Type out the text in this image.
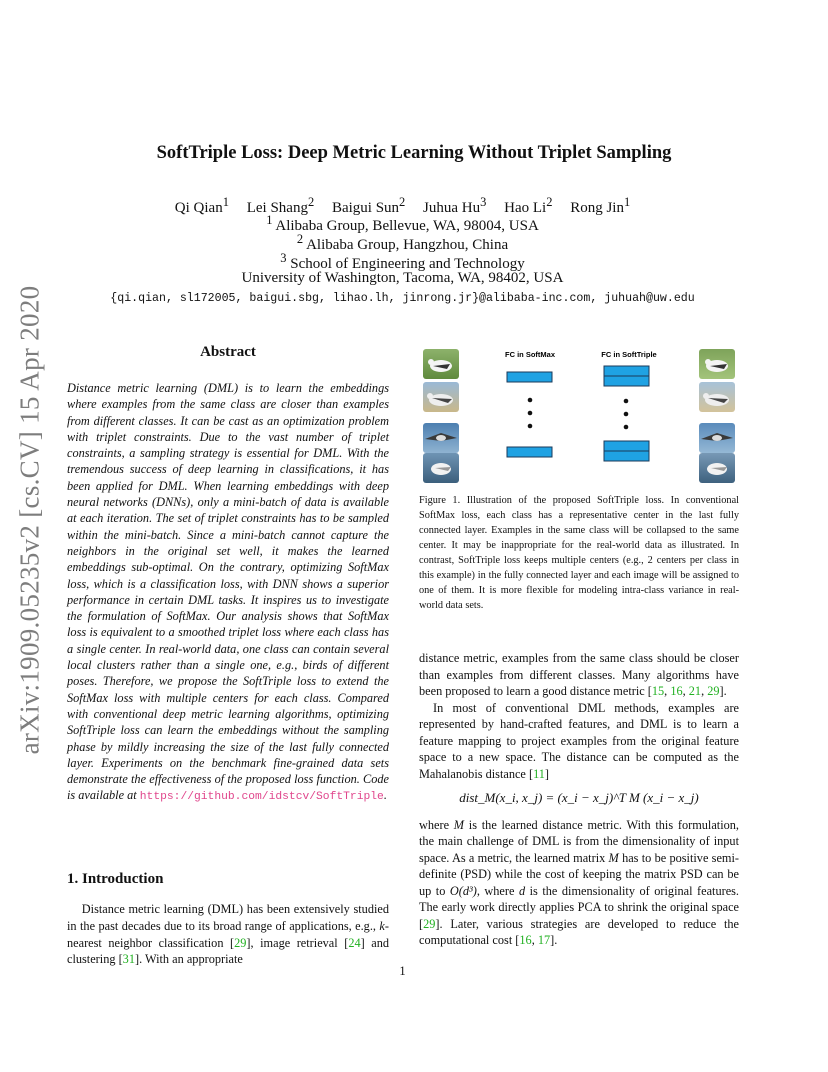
arXiv:1909.05235v2 [cs.CV] 15 Apr 2020
SoftTriple Loss: Deep Metric Learning Without Triplet Sampling
Qi Qian$^1$ Lei Shang$^2$ Baigui Sun$^2$ Juhua Hu$^3$ Hao Li$^2$ Rong Jin$^1$
$^1$ Alibaba Group, Bellevue, WA, 98004, USA
$^2$ Alibaba Group, Hangzhou, China
$^3$ School of Engineering and Technology
University of Washington, Tacoma, WA, 98402, USA
{qi.qian, sl172005, baigui.sbg, lihao.lh, jinrong.jr}@alibaba-inc.com, juhuah@uw.edu
Abstract
Distance metric learning (DML) is to learn the embeddings where examples from the same class are closer than examples from different classes. It can be cast as an optimization problem with triplet constraints. Due to the vast number of triplet constraints, a sampling strategy is essential for DML. With the tremendous success of deep learning in classifications, it has been applied for DML. When learning embeddings with deep neural networks (DNNs), only a mini-batch of data is available at each iteration. The set of triplet constraints has to be sampled within the mini-batch. Since a mini-batch cannot capture the neighbors in the original set well, it makes the learned embeddings sub-optimal. On the contrary, optimizing SoftMax loss, which is a classification loss, with DNN shows a superior performance in certain DML tasks. It inspires us to investigate the formulation of SoftMax. Our analysis shows that SoftMax loss is equivalent to a smoothed triplet loss where each class has a single center. In real-world data, one class can contain several local clusters rather than a single one, e.g., birds of different poses. Therefore, we propose the SoftTriple loss to extend the SoftMax loss with multiple centers for each class. Compared with conventional deep metric learning algorithms, optimizing SoftTriple loss can learn the embeddings without the sampling phase by mildly increasing the size of the last fully connected layer. Experiments on the benchmark fine-grained data sets demonstrate the effectiveness of the proposed loss function. Code is available at https://github.com/idstcv/SoftTriple.
1. Introduction
Distance metric learning (DML) has been extensively studied in the past decades due to its broad range of applications, e.g., k-nearest neighbor classification [29], image retrieval [24] and clustering [31]. With an appropriate
FC in SoftMax	FC in SoftTriple
Figure 1. Illustration of the proposed SoftTriple loss. In conventional SoftMax loss, each class has a representative center in the last fully connected layer. Examples in the same class will be collapsed to the same center. It may be inappropriate for the real-world data as illustrated. In contrast, SoftTriple loss keeps multiple centers (e.g., 2 centers per class in this example) in the fully connected layer and each image will be assigned to one of them. It is more flexible for modeling intra-class variance in real-world data sets.

distance metric, examples from the same class should be closer than examples from different classes. Many algorithms have been proposed to learn a good distance metric [15, 16, 21, 29].

In most of conventional DML methods, examples are represented by hand-crafted features, and DML is to learn a feature mapping to project examples from the original feature space to a new space. The distance can be computed as the Mahalanobis distance [11]

dist_M(x_i, x_j) = (x_i − x_j)^T M (x_i − x_j)

where M is the learned distance metric. With this formulation, the main challenge of DML is from the dimensionality of input space. As a metric, the learned matrix M has to be positive semi-definite (PSD) while the cost of keeping the matrix PSD can be up to O(d³), where d is the dimensionality of original features. The early work directly applies PCA to shrink the original space [29]. Later, various strategies are developed to reduce the computational cost [16, 17].

1
